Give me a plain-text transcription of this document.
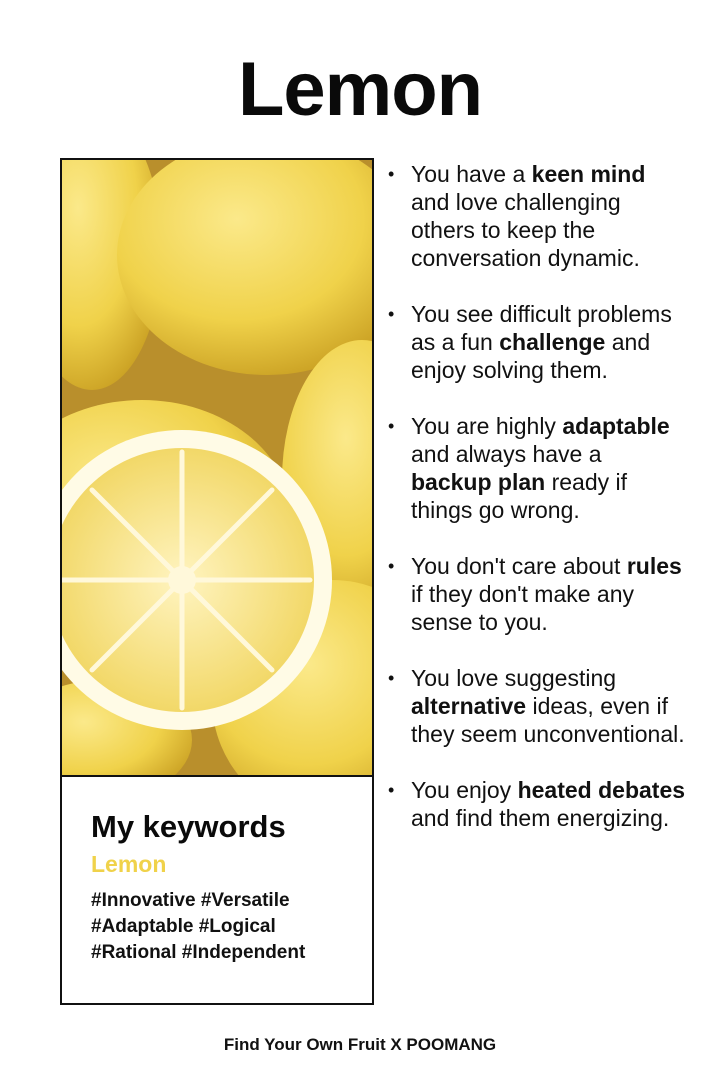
Lemon
My keywords
Lemon
#Innovative #Versatile #Adaptable #Logical #Rational #Independent
• You have a keen mind and love challenging others to keep the conversation dynamic.
• You see difficult problems as a fun challenge and enjoy solving them.
• You are highly adaptable and always have a backup plan ready if things go wrong.
• You don't care about rules if they don't make any sense to you.
• You love suggesting alternative ideas, even if they seem unconventional.
• You enjoy heated debates and find them energizing.
Find Your Own Fruit X POOMANG
